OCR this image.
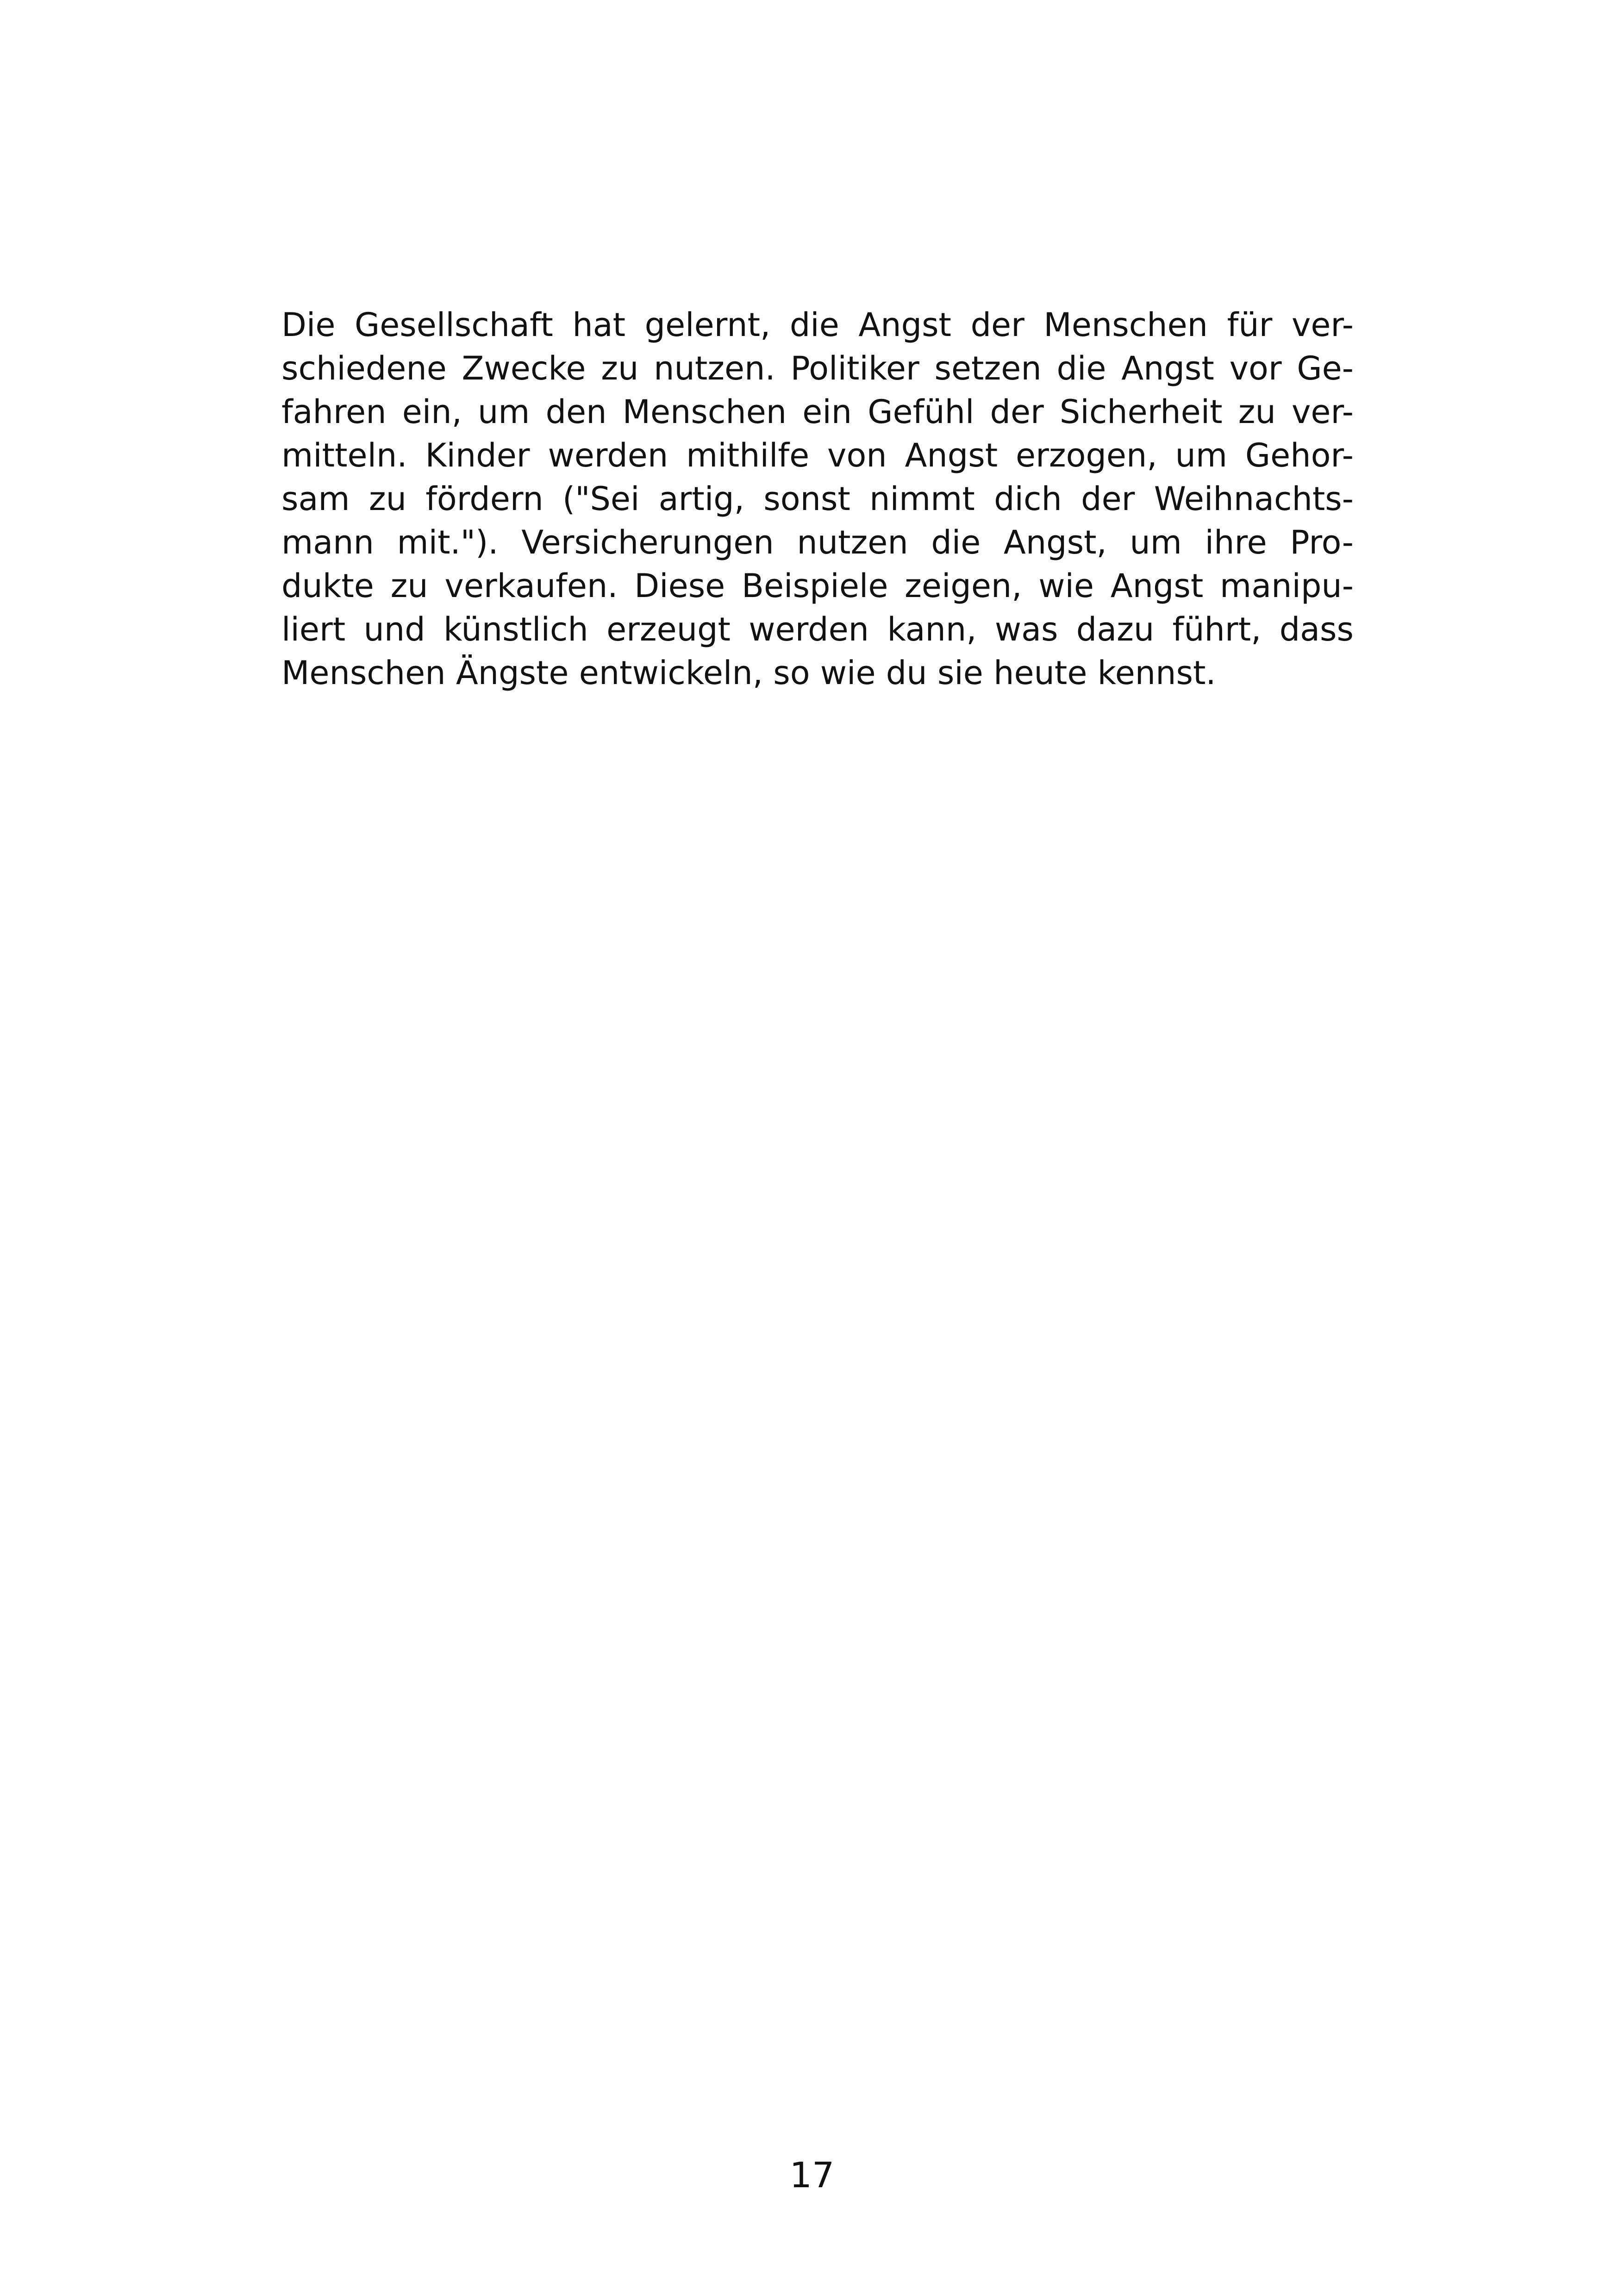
Die Gesellschaft hat gelernt, die Angst der Menschen für ver-
schiedene Zwecke zu nutzen. Politiker setzen die Angst vor Ge-
fahren ein, um den Menschen ein Gefühl der Sicherheit zu ver-
mitteln. Kinder werden mithilfe von Angst erzogen, um Gehor-
sam zu fördern ("Sei artig, sonst nimmt dich der Weihnachts-
mann mit."). Versicherungen nutzen die Angst, um ihre Pro-
dukte zu verkaufen. Diese Beispiele zeigen, wie Angst manipu-
liert und künstlich erzeugt werden kann, was dazu führt, dass
Menschen Ängste entwickeln, so wie du sie heute kennst.
17
